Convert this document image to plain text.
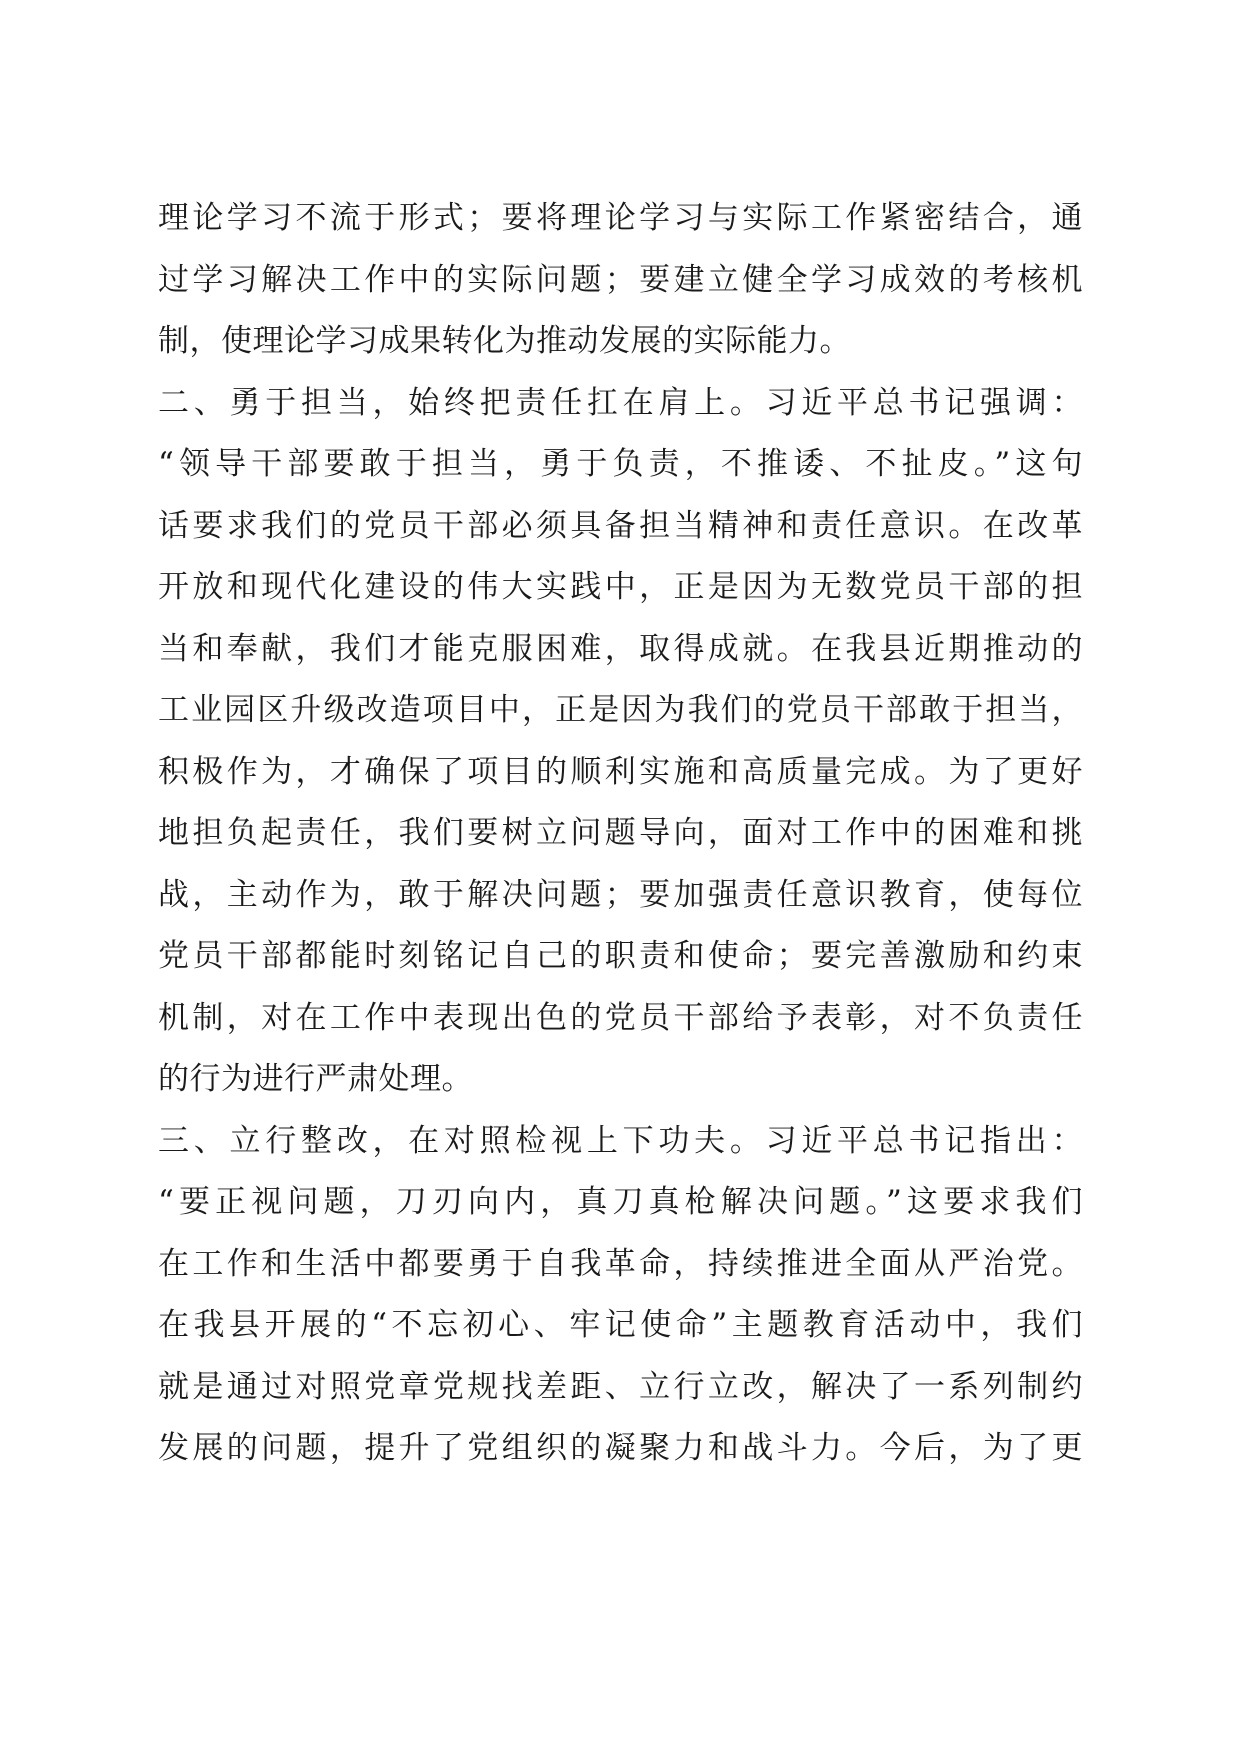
理论学习不流于形式；要将理论学习与实际工作紧密结合，通
过学习解决工作中的实际问题；要建立健全学习成效的考核机
制，使理论学习成果转化为推动发展的实际能力。
二、勇于担当，始终把责任扛在肩上。习近平总书记强调：
“领导干部要敢于担当，勇于负责，不推诿、不扯皮。”这句
话要求我们的党员干部必须具备担当精神和责任意识。在改革
开放和现代化建设的伟大实践中，正是因为无数党员干部的担
当和奉献，我们才能克服困难，取得成就。在我县近期推动的
工业园区升级改造项目中，正是因为我们的党员干部敢于担当，
积极作为，才确保了项目的顺利实施和高质量完成。为了更好
地担负起责任，我们要树立问题导向，面对工作中的困难和挑
战，主动作为，敢于解决问题；要加强责任意识教育，使每位
党员干部都能时刻铭记自己的职责和使命；要完善激励和约束
机制，对在工作中表现出色的党员干部给予表彰，对不负责任
的行为进行严肃处理。
三、立行整改，在对照检视上下功夫。习近平总书记指出：
“要正视问题，刀刃向内，真刀真枪解决问题。”这要求我们
在工作和生活中都要勇于自我革命，持续推进全面从严治党。
在我县开展的“不忘初心、牢记使命”主题教育活动中，我们
就是通过对照党章党规找差距、立行立改，解决了一系列制约
发展的问题，提升了党组织的凝聚力和战斗力。今后，为了更
